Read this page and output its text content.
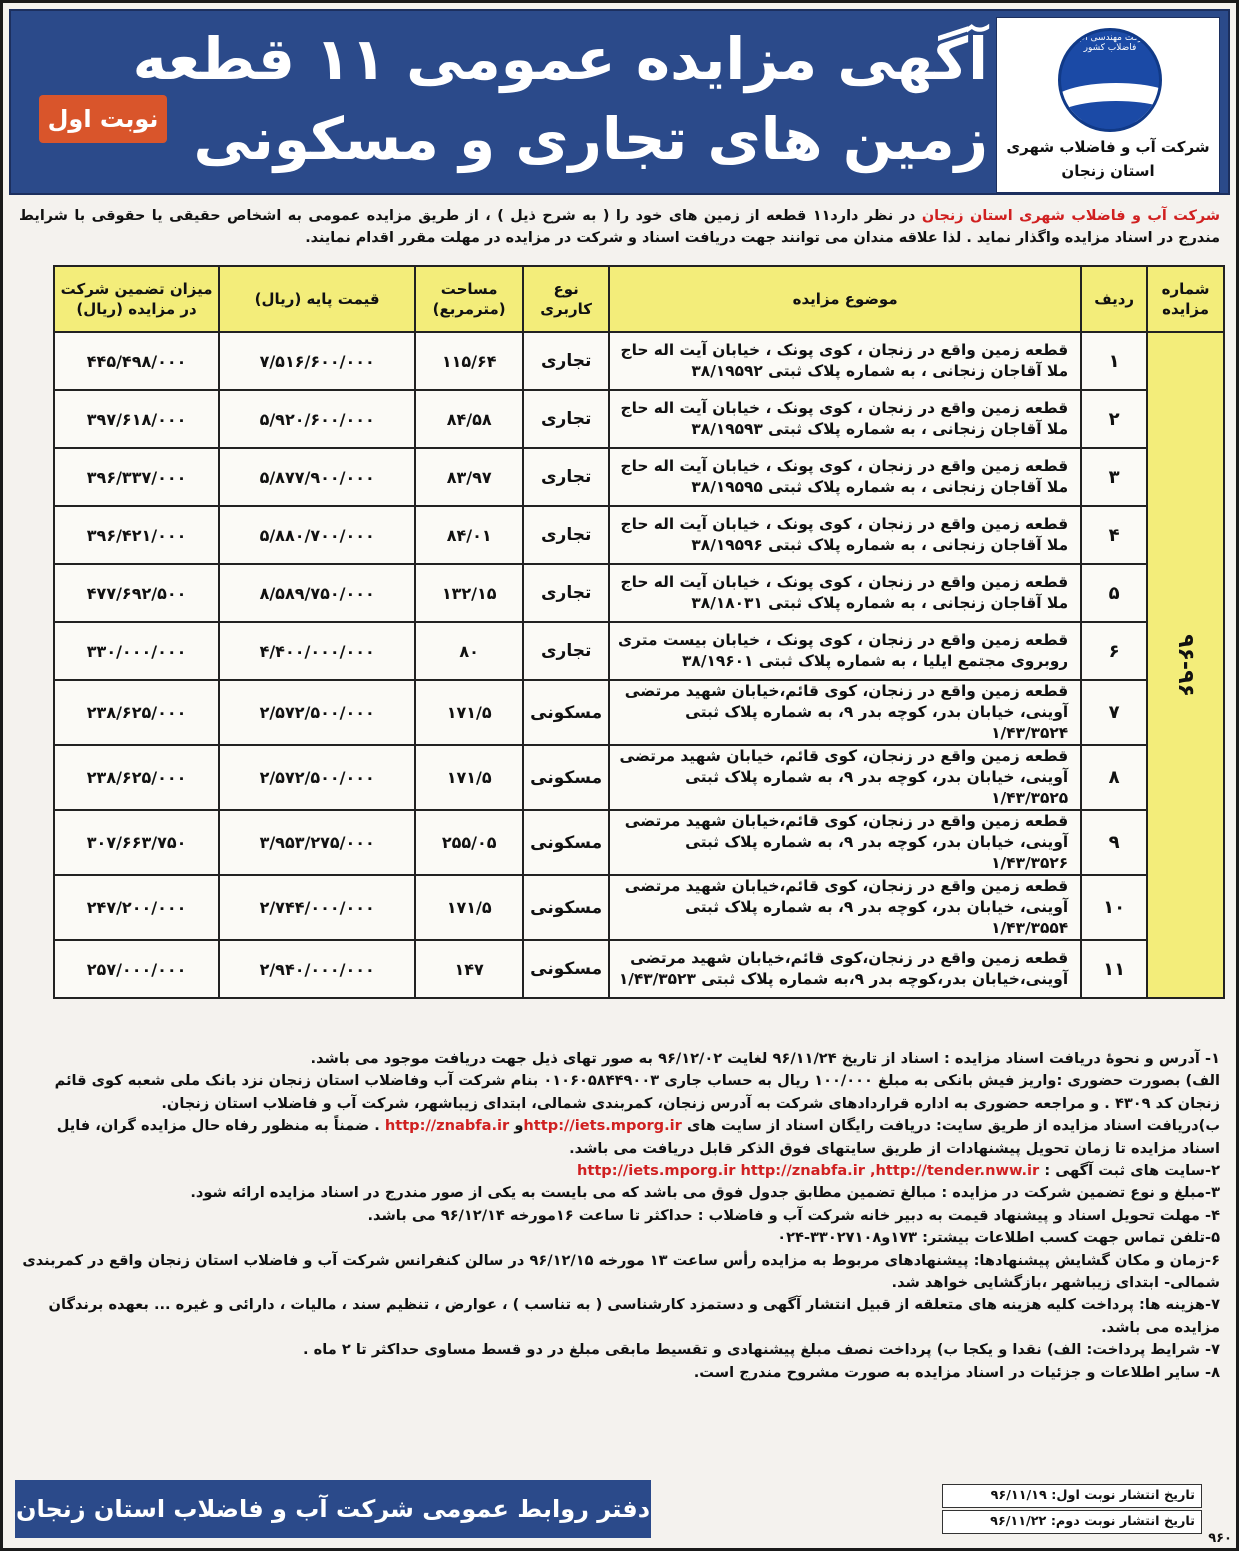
شرکت مهندسی آب و فاضلاب کشور
شرکت آب و فاضلاب شهری
استان زنجان
آگهی مزایده عمومی ۱۱ قطعه
زمین های تجاری و مسکونی
نوبت اول
شرکت آب و فاضلاب شهری استان زنجان در نظر دارد۱۱ قطعه از زمین های خود را ( به شرح ذیل ) ، از طریق مزایده عمومی به اشخاص حقیقی یا حقوقی با شرایط مندرج در اسناد مزایده واگذار نماید . لذا علاقه مندان می توانند جهت دریافت اسناد و شرکت در مزایده در مهلت مقرر اقدام نمایند.
شماره مزایده	ردیف	موضوع مزایده	نوع کاربری	مساحت (مترمربع)	قیمت پایه (ریال)	میزان تضمین شرکت در مزایده (ریال)
۹۶-۹۶	۱	قطعه زمین واقع در زنجان ، کوی پونک ، خیابان آیت اله حاج ملا آقاجان زنجانی ، به شماره پلاک ثبتی ۳۸/۱۹۵۹۲	تجاری	۱۱۵/۶۴	۷/۵۱۶/۶۰۰/۰۰۰	۴۴۵/۴۹۸/۰۰۰
	۲	قطعه زمین واقع در زنجان ، کوی پونک ، خیابان آیت اله حاج ملا آقاجان زنجانی ، به شماره پلاک ثبتی ۳۸/۱۹۵۹۳	تجاری	۸۴/۵۸	۵/۹۲۰/۶۰۰/۰۰۰	۳۹۷/۶۱۸/۰۰۰
	۳	قطعه زمین واقع در زنجان ، کوی پونک ، خیابان آیت اله حاج ملا آقاجان زنجانی ، به شماره پلاک ثبتی ۳۸/۱۹۵۹۵	تجاری	۸۳/۹۷	۵/۸۷۷/۹۰۰/۰۰۰	۳۹۶/۳۳۷/۰۰۰
	۴	قطعه زمین واقع در زنجان ، کوی پونک ، خیابان آیت اله حاج ملا آقاجان زنجانی ، به شماره پلاک ثبتی ۳۸/۱۹۵۹۶	تجاری	۸۴/۰۱	۵/۸۸۰/۷۰۰/۰۰۰	۳۹۶/۴۲۱/۰۰۰
	۵	قطعه زمین واقع در زنجان ، کوی پونک ، خیابان آیت اله حاج ملا آقاجان زنجانی ، به شماره پلاک ثبتی ۳۸/۱۸۰۳۱	تجاری	۱۳۲/۱۵	۸/۵۸۹/۷۵۰/۰۰۰	۴۷۷/۶۹۲/۵۰۰
	۶	قطعه زمین واقع در زنجان ، کوی پونک ، خیابان بیست متری روبروی مجتمع ایلیا ، به شماره پلاک ثبتی ۳۸/۱۹۶۰۱	تجاری	۸۰	۴/۴۰۰/۰۰۰/۰۰۰	۳۳۰/۰۰۰/۰۰۰
	۷	قطعه زمین واقع در زنجان، کوی قائم،خیابان شهید مرتضی آوینی، خیابان بدر، کوچه بدر ۹، به شماره پلاک ثبتی ۱/۴۳/۳۵۲۴	مسکونی	۱۷۱/۵	۲/۵۷۲/۵۰۰/۰۰۰	۲۳۸/۶۲۵/۰۰۰
	۸	قطعه زمین واقع در زنجان، کوی قائم، خیابان شهید مرتضی آوینی، خیابان بدر، کوچه بدر ۹، به شماره پلاک ثبتی ۱/۴۳/۳۵۲۵	مسکونی	۱۷۱/۵	۲/۵۷۲/۵۰۰/۰۰۰	۲۳۸/۶۲۵/۰۰۰
	۹	قطعه زمین واقع در زنجان، کوی قائم،خیابان شهید مرتضی آوینی، خیابان بدر، کوچه بدر ۹، به شماره پلاک ثبتی ۱/۴۳/۳۵۲۶	مسکونی	۲۵۵/۰۵	۳/۹۵۳/۲۷۵/۰۰۰	۳۰۷/۶۶۳/۷۵۰
	۱۰	قطعه زمین واقع در زنجان، کوی قائم،خیابان شهید مرتضی آوینی، خیابان بدر، کوچه بدر ۹، به شماره پلاک ثبتی ۱/۴۳/۳۵۵۴	مسکونی	۱۷۱/۵	۲/۷۴۴/۰۰۰/۰۰۰	۲۴۷/۲۰۰/۰۰۰
	۱۱	قطعه زمین واقع در زنجان،کوی قائم،خیابان شهید مرتضی آوینی،خیابان بدر،کوچه بدر ۹،به شماره پلاک ثبتی ۱/۴۳/۳۵۲۳	مسکونی	۱۴۷	۲/۹۴۰/۰۰۰/۰۰۰	۲۵۷/۰۰۰/۰۰۰

۱- آدرس و نحوهٔ دریافت اسناد مزایده : اسناد از تاریخ ۹۶/۱۱/۲۴ لغایت ۹۶/۱۲/۰۲ به صور تهای ذیل جهت دریافت موجود می باشد.

الف) بصورت حضوری :واریز فیش بانکی به مبلغ ۱۰۰/۰۰۰ ریال به حساب جاری ۰۱۰۶۰۵۸۴۴۹۰۰۳ بنام شرکت آب وفاضلاب استان زنجان نزد بانک ملی شعبه کوی قائم زنجان کد ۴۳۰۹ . و مراجعه حضوری به اداره قراردادهای شرکت به آدرس زنجان، کمربندی شمالی، ابتدای زیباشهر، شرکت آب و فاضلاب استان زنجان.

ب)دریافت اسناد مزایده از طریق سایت: دریافت رایگان اسناد از سایت های http://iets.mporg.irو http://znabfa.ir . ضمناً به منظور رفاه حال مزایده گران، فایل اسناد مزایده تا زمان تحویل پیشنهادات از طریق سایتهای فوق الذکر قابل دریافت می باشد.

۲-سایت های ثبت آگهی : http://iets.mporg.ir http://znabfa.ir ,http://tender.nww.ir

۳-مبلغ و نوع تضمین شرکت در مزایده : مبالغ تضمین مطابق جدول فوق می باشد که می بایست به یکی از صور مندرج در اسناد مزایده ارائه شود.

۴- مهلت تحویل اسناد و پیشنهاد قیمت به دبیر خانه شرکت آب و فاضلاب : حداکثر تا ساعت ۱۶مورخه ۹۶/۱۲/۱۴ می باشد.

۵-تلفن تماس جهت کسب اطلاعات بیشتر: ۱۷۳و۳۳۰۲۷۱۰۸-۰۲۴

۶-زمان و مکان گشایش پیشنهادها: پیشنهادهای مربوط به مزایده رأس ساعت ۱۳ مورخه ۹۶/۱۲/۱۵ در سالن کنفرانس شرکت آب و فاضلاب استان زنجان واقع در کمربندی شمالی- ابتدای زیباشهر ،بازگشایی خواهد شد.

۷-هزینه ها: پرداخت کلیه هزینه های متعلقه از قبیل انتشار آگهی و دستمزد کارشناسی ( به تناسب ) ، عوارض ، تنظیم سند ، مالیات ، دارائی و غیره ... بعهده برندگان مزایده می باشد.

۷- شرایط پرداخت: الف) نقدا و یکجا ب) پرداخت نصف مبلغ پیشنهادی و تقسیط مابقی مبلغ در دو قسط مساوی حداکثر تا ۲ ماه .

۸- سایر اطلاعات و جزئیات در اسناد مزایده به صورت مشروح مندرج است.

تاریخ انتشار نوبت اول: ۹۶/۱۱/۱۹
تاریخ انتشار نوبت دوم: ۹۶/۱۱/۲۲
دفتر روابط عمومی شرکت آب و فاضلاب استان زنجان
۹۶۰
